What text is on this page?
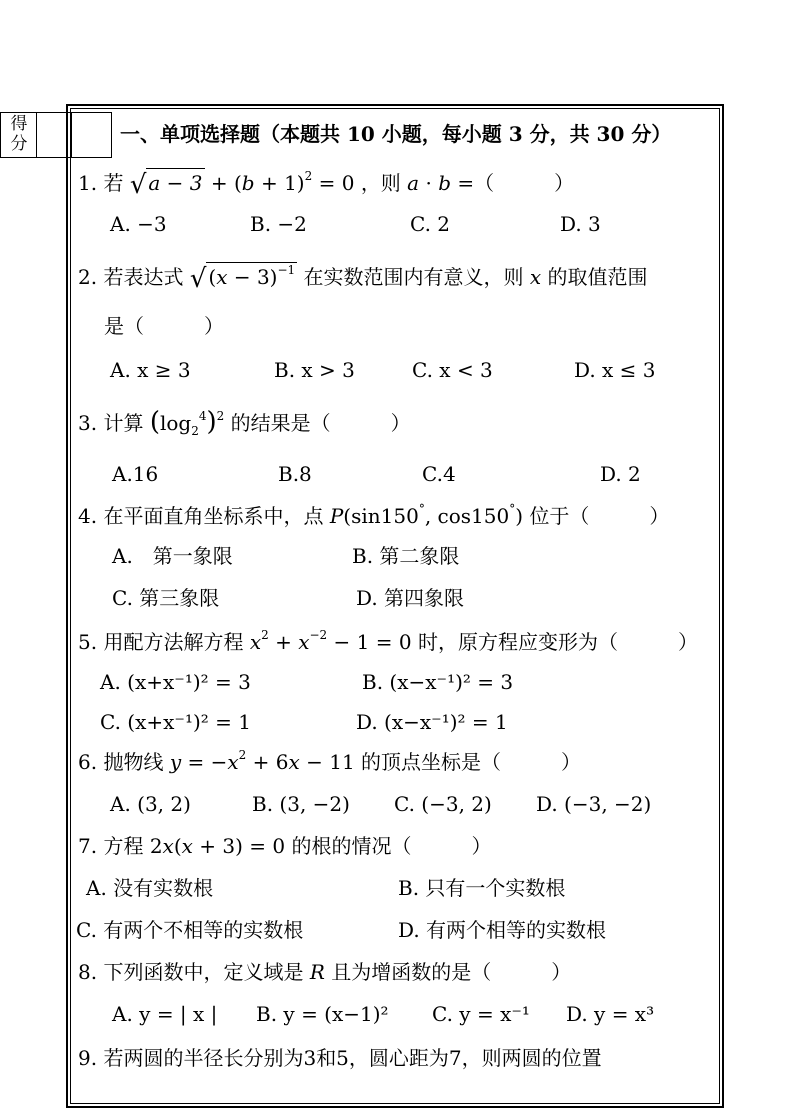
得
分	一、单项选择题（本题共 10 小题，每小题 3 分，共 30 分）
1. 若 √ $a - 3 + (b + 1)^2 = 0$ ，则 a · b =（　　　）
A. −3	B. −2	C. 2	D. 3
2. 若表达式 √ $(x - 3)^{-1}$ 在实数范围内有意义，则 x 的取值范围
是（　　　）
A. x ≥ 3	B. x > 3	C. x < 3	D. x ≤ 3
3. 计算 $(\log_2^4)^2$ 的结果是（　　　）
A.16	B.8	C.4	D. 2
4. 在平面直角坐标系中，点 P(sin150°, cos150°) 位于（　　　）
A.　第一象限	B. 第二象限
C. 第三象限	D. 第四象限
5. 用配方法解方程 $x^2 + x^{-2} - 1 = 0$ 时，原方程应变形为（　　　）
A. (x+x⁻¹)² = 3	B. (x−x⁻¹)² = 3
C. (x+x⁻¹)² = 1	D. (x−x⁻¹)² = 1
6. 抛物线 $y = -x^2 + 6x - 11$ 的顶点坐标是（　　　）
A. (3, 2)	B. (3, −2) C. (−3, 2) D. (−3, −2)
7. 方程 2x(x + 3) = 0 的根的情况（　　　）
A. 没有实数根	B. 只有一个实数根
C. 有两个不相等的实数根	D. 有两个相等的实数根
8. 下列函数中，定义域是 R 且为增函数的是（　　　）
A. y = | x | B. y = (x−1)² C. y = x⁻¹ D. y = x³
9. 若两圆的半径长分别为3和5，圆心距为7，则两圆的位置
